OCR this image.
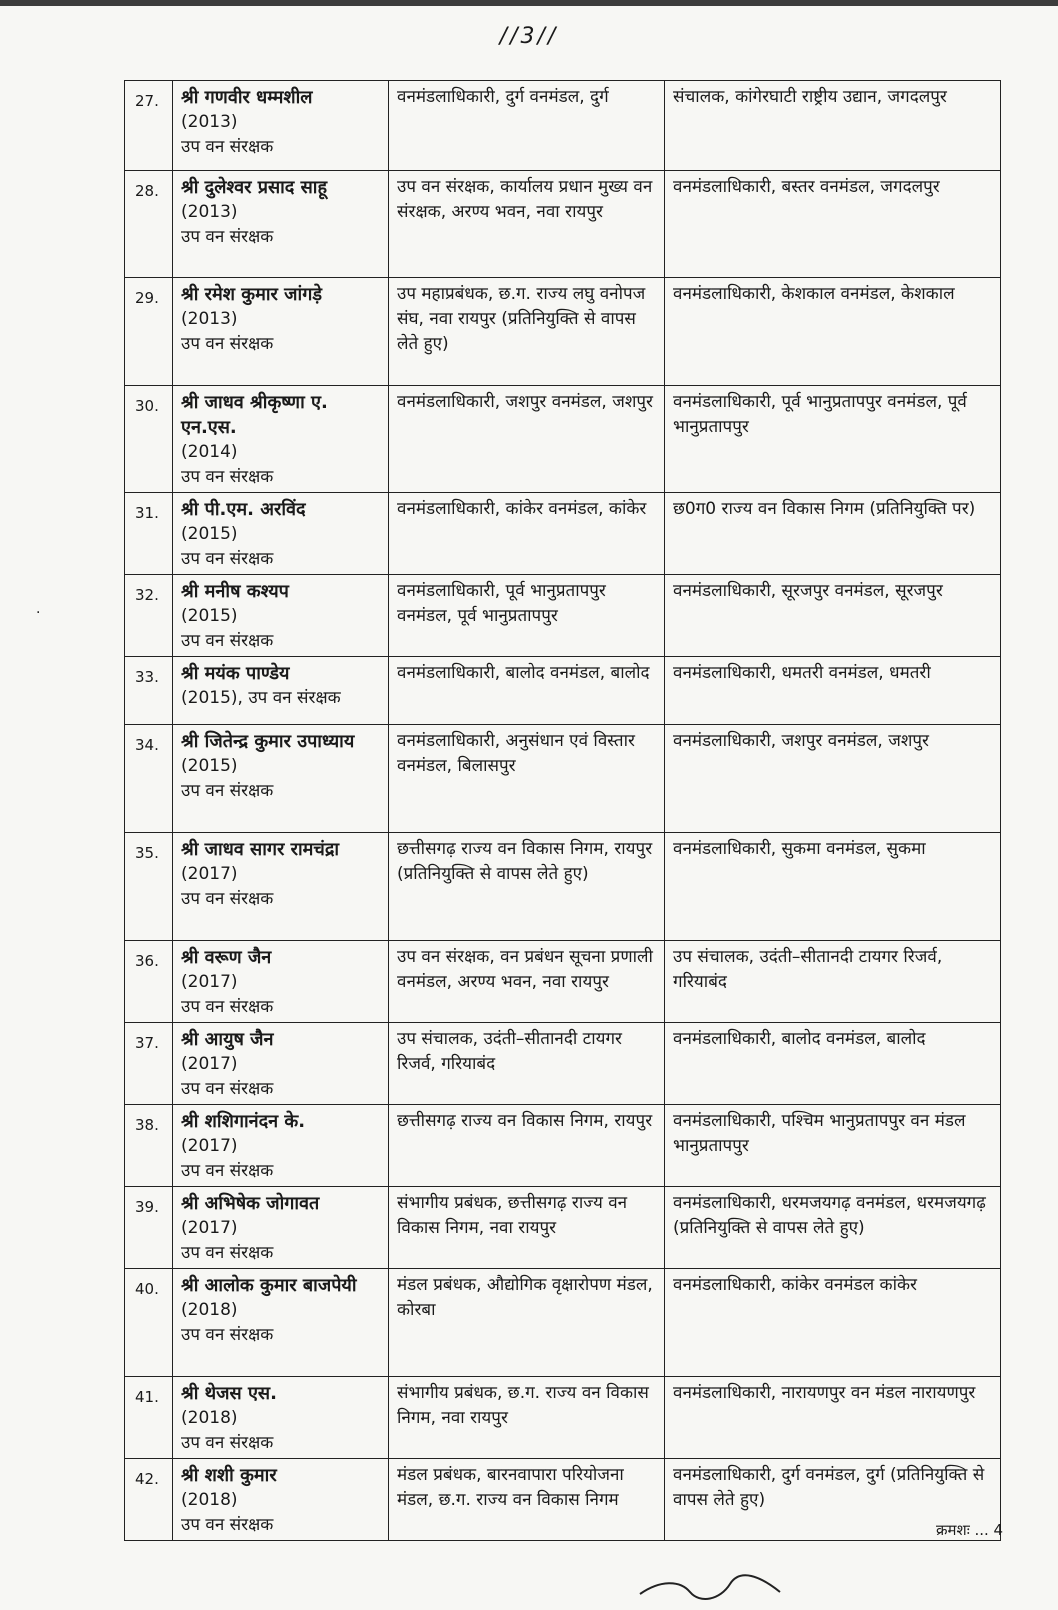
//3//
·
27.	श्री गणवीर धम्मशील
(2013)
उप वन संरक्षक	वनमंडलाधिकारी, दुर्ग वनमंडल, दुर्ग	संचालक, कांगेरघाटी राष्ट्रीय उद्यान, जगदलपुर
28.	श्री दुलेश्वर प्रसाद साहू
(2013)
उप वन संरक्षक	उप वन संरक्षक, कार्यालय प्रधान मुख्य वन संरक्षक, अरण्य भवन, नवा रायपुर	वनमंडलाधिकारी, बस्तर वनमंडल, जगदलपुर
29.	श्री रमेश कुमार जांगड़े
(2013)
उप वन संरक्षक	उप महाप्रबंधक, छ.ग. राज्य लघु वनोपज संघ, नवा रायपुर (प्रतिनियुक्ति से वापस लेते हुए)	वनमंडलाधिकारी, केशकाल वनमंडल, केशकाल
30.	श्री जाधव श्रीकृष्णा ए. एन.एस.
(2014)
उप वन संरक्षक	वनमंडलाधिकारी, जशपुर वनमंडल, जशपुर	वनमंडलाधिकारी, पूर्व भानुप्रतापपुर वनमंडल, पूर्व भानुप्रतापपुर
31.	श्री पी.एम. अरविंद
(2015)
उप वन संरक्षक	वनमंडलाधिकारी, कांकेर वनमंडल, कांकेर	छ0ग0 राज्य वन विकास निगम (प्रतिनियुक्ति पर)
32.	श्री मनीष कश्यप
(2015)
उप वन संरक्षक	वनमंडलाधिकारी, पूर्व भानुप्रतापपुर वनमंडल, पूर्व भानुप्रतापपुर	वनमंडलाधिकारी, सूरजपुर वनमंडल, सूरजपुर
33.	श्री मयंक पाण्डेय
(2015), उप वन संरक्षक	वनमंडलाधिकारी, बालोद वनमंडल, बालोद	वनमंडलाधिकारी, धमतरी वनमंडल, धमतरी
34.	श्री जितेन्द्र कुमार उपाध्याय
(2015)
उप वन संरक्षक	वनमंडलाधिकारी, अनुसंधान एवं विस्तार वनमंडल, बिलासपुर	वनमंडलाधिकारी, जशपुर वनमंडल, जशपुर
35.	श्री जाधव सागर रामचंद्रा
(2017)
उप वन संरक्षक	छत्तीसगढ़ राज्य वन विकास निगम, रायपुर (प्रतिनियुक्ति से वापस लेते हुए)	वनमंडलाधिकारी, सुकमा वनमंडल, सुकमा
36.	श्री वरूण जैन
(2017)
उप वन संरक्षक	उप वन संरक्षक, वन प्रबंधन सूचना प्रणाली वनमंडल, अरण्य भवन, नवा रायपुर	उप संचालक, उदंती–सीतानदी टायगर रिजर्व, गरियाबंद
37.	श्री आयुष जैन
(2017)
उप वन संरक्षक	उप संचालक, उदंती–सीतानदी टायगर रिजर्व, गरियाबंद	वनमंडलाधिकारी, बालोद वनमंडल, बालोद
38.	श्री शशिगानंदन के.
(2017)
उप वन संरक्षक	छत्तीसगढ़ राज्य वन विकास निगम, रायपुर	वनमंडलाधिकारी, पश्चिम भानुप्रतापपुर वन मंडल भानुप्रतापपुर
39.	श्री अभिषेक जोगावत
(2017)
उप वन संरक्षक	संभागीय प्रबंधक, छत्तीसगढ़ राज्य वन विकास निगम, नवा रायपुर	वनमंडलाधिकारी, धरमजयगढ़ वनमंडल, धरमजयगढ़ (प्रतिनियुक्ति से वापस लेते हुए)
40.	श्री आलोक कुमार बाजपेयी
(2018)
उप वन संरक्षक	मंडल प्रबंधक, औद्योगिक वृक्षारोपण मंडल, कोरबा	वनमंडलाधिकारी, कांकेर वनमंडल कांकेर
41.	श्री थेजस एस.
(2018)
उप वन संरक्षक	संभागीय प्रबंधक, छ.ग. राज्य वन विकास निगम, नवा रायपुर	वनमंडलाधिकारी, नारायणपुर वन मंडल नारायणपुर
42.	श्री शशी कुमार
(2018)
उप वन संरक्षक	मंडल प्रबंधक, बारनवापारा परियोजना मंडल, छ.ग. राज्य वन विकास निगम	वनमंडलाधिकारी, दुर्ग वनमंडल, दुर्ग (प्रतिनियुक्ति से वापस लेते हुए)
क्रमशः ... 4
